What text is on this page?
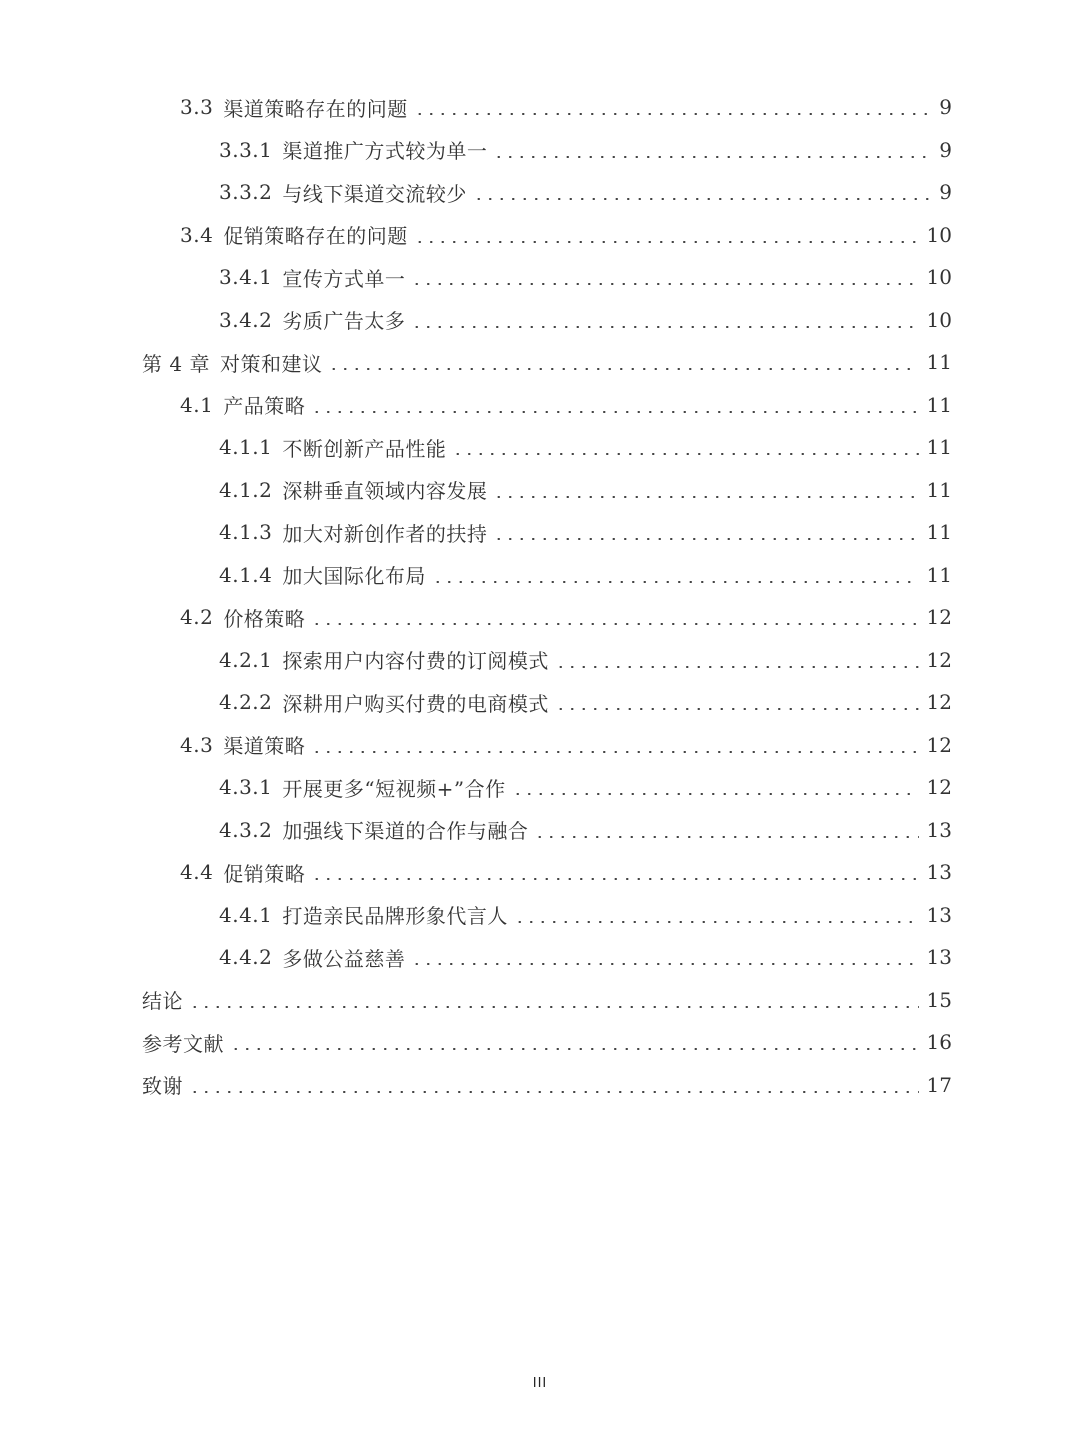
3.3 渠道策略存在的问题	9
3.3.1 渠道推广方式较为单一	9
3.3.2 与线下渠道交流较少	9
3.4 促销策略存在的问题	10
3.4.1 宣传方式单一	10
3.4.2 劣质广告太多	10
第 4 章 对策和建议	11
4.1 产品策略	11
4.1.1 不断创新产品性能	11
4.1.2 深耕垂直领域内容发展	11
4.1.3 加大对新创作者的扶持	11
4.1.4 加大国际化布局	11
4.2 价格策略	12
4.2.1 探索用户内容付费的订阅模式	12
4.2.2 深耕用户购买付费的电商模式	12
4.3 渠道策略	12
4.3.1 开展更多“短视频+”合作	12
4.3.2 加强线下渠道的合作与融合	13
4.4 促销策略	13
4.4.1 打造亲民品牌形象代言人	13
4.4.2 多做公益慈善	13
结论	15
参考文献	16
致谢	17
III
